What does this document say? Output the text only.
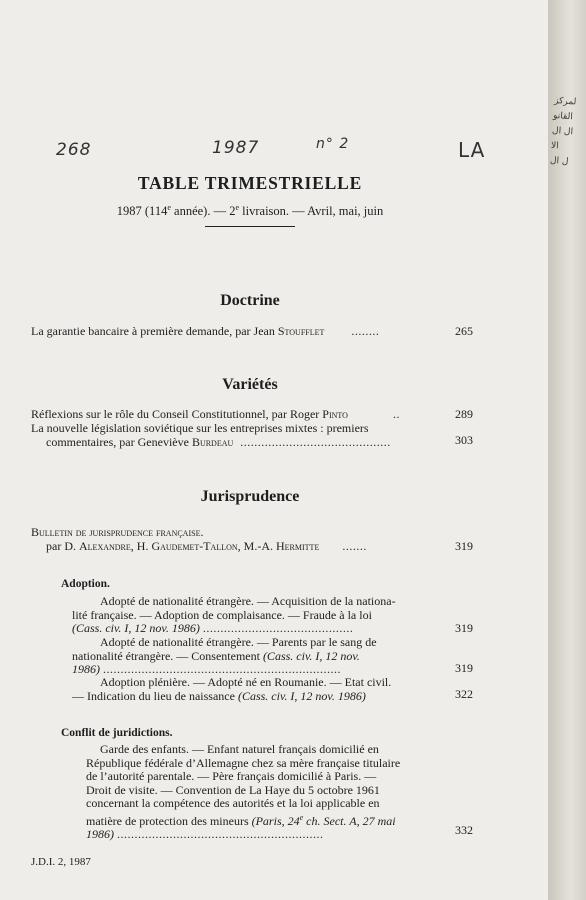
268	1987	n° 2	LA
TABLE TRIMESTRIELLE
1987 (114e année). — 2e livraison. — Avril, mai, juin
Doctrine
La garantie bancaire à première demande, par Jean Stoufflet ........	265
Variétés
Réflexions sur le rôle du Conseil Constitutionnel, par Roger Pinto	..	289
La nouvelle législation soviétique sur les entreprises mixtes : premiers
commentaires, par Geneviève Burdeau ...........................................	303
Jurisprudence
Bulletin de jurisprudence française.
par D. Alexandre, H. Gaudemet-Tallon, M.-A. Hermitte .......	319
Adoption.
Adopté de nationalité étrangère. — Acquisition de la nationa-
lité française. — Adoption de complaisance. — Fraude à la loi
(Cass. civ. I, 12 nov. 1986) ...........................................	319
Adopté de nationalité étrangère. — Parents par le sang de
nationalité étrangère. — Consentement (Cass. civ. I, 12 nov.
1986) ....................................................................	319
Adoption plénière. — Adopté né en Roumanie. — Etat civil.
— Indication du lieu de naissance (Cass. civ. I, 12 nov. 1986)	322
Conflit de juridictions.
Garde des enfants. — Enfant naturel français domicilié en
République fédérale d’Allemagne chez sa mère française titulaire
de l’autorité parentale. — Père français domicilié à Paris. —
Droit de visite. — Convention de La Haye du 5 octobre 1961
concernant la compétence des autorités et la loi applicable en
matière de protection des mineurs (Paris, 24e ch. Sect. A, 27 mai
1986) ...........................................................	332
J.D.I. 2, 1987
لمركز
القانو
ال ال
الا
ل ال
